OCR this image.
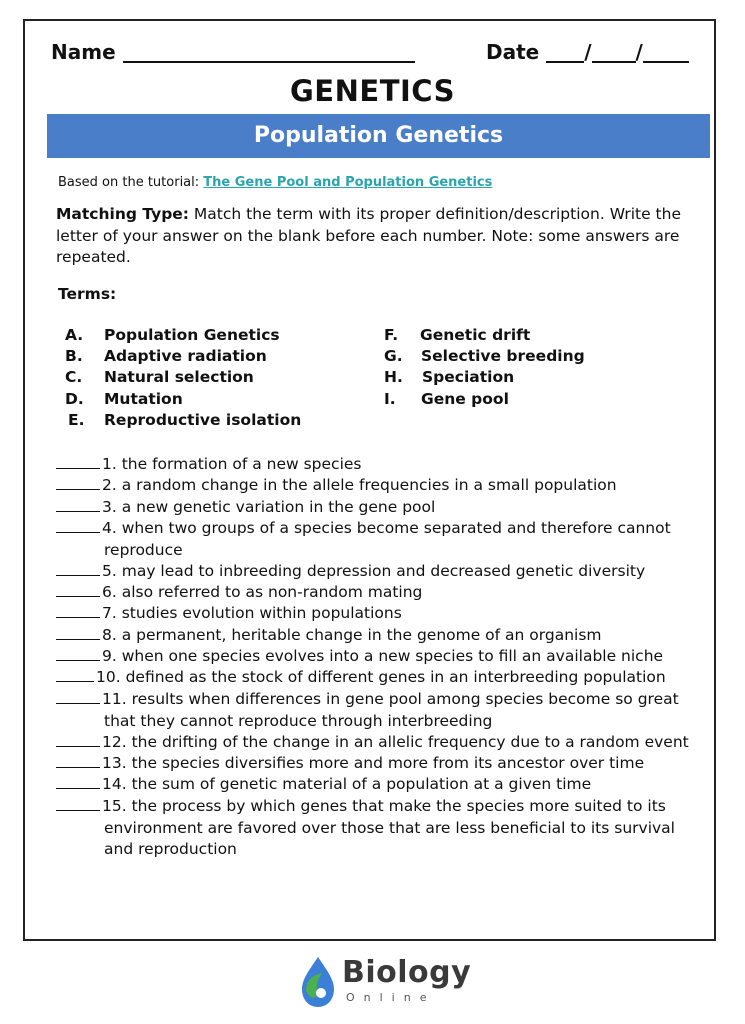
Name	Date / /
GENETICS
Population Genetics
Based on the tutorial: The Gene Pool and Population Genetics
Matching Type: Match the term with its proper definition/description. Write the letter of your answer on the blank before each number. Note: some answers are repeated.
Terms:
A. Population Genetics
B. Adaptive radiation
C. Natural selection
D. Mutation
E. Reproductive isolation
F. Genetic drift
G. Selective breeding
H. Speciation
I. Gene pool
1. the formation of a new species
2. a random change in the allele frequencies in a small population
3. a new genetic variation in the gene pool
4. when two groups of a species become separated and therefore cannot
reproduce
5. may lead to inbreeding depression and decreased genetic diversity
6. also referred to as non-random mating
7. studies evolution within populations
8. a permanent, heritable change in the genome of an organism
9. when one species evolves into a new species to fill an available niche
10. defined as the stock of different genes in an interbreeding population
11. results when differences in gene pool among species become so great
that they cannot reproduce through interbreeding
12. the drifting of the change in an allelic frequency due to a random event
13. the species diversifies more and more from its ancestor over time
14. the sum of genetic material of a population at a given time
15. the process by which genes that make the species more suited to its
environment are favored over those that are less beneficial to its survival
and reproduction
Biology
Online
